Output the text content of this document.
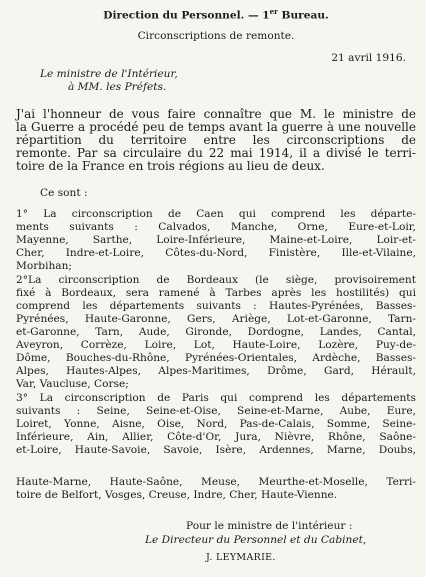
Direction du Personnel. — 1er Bureau.
Circonscriptions de remonte.
21 avril 1916.
Le ministre de l'Intérieur,
à MM. les Préfets.
J'ai l'honneur de vous faire connaître que M. le ministre de
la Guerre a procédé peu de temps avant la guerre à une nouvelle
répartition du territoire entre les circonscriptions de
remonte. Par sa circulaire du 22 mai 1914, il a divisé le terri-
toire de la France en trois régions au lieu de deux.
Ce sont :
1° La circonscription de Caen qui comprend les départe-
ments suivants : Calvados, Manche, Orne, Eure-et-Loir,
Mayenne, Sarthe, Loire-Inférieure, Maine-et-Loire, Loir-et-
Cher, Indre-et-Loire, Côtes-du-Nord, Finistère, Ille-et-Vilaine,
Morbihan;
2°La circonscription de Bordeaux (le siège, provisoirement
fixé à Bordeaux, sera ramené à Tarbes après les hostilités) qui
comprend les départements suivants : Hautes-Pyrénées, Basses-
Pyrénées, Haute-Garonne, Gers, Ariège, Lot-et-Garonne, Tarn-
et-Garonne, Tarn, Aude, Gironde, Dordogne, Landes, Cantal,
Aveyron, Corrèze, Loire, Lot, Haute-Loire, Lozère, Puy-de-
Dôme, Bouches-du-Rhône, Pyrénées-Orientales, Ardèche, Basses-
Alpes, Hautes-Alpes, Alpes-Maritimes, Drôme, Gard, Hérault,
Var, Vaucluse, Corse;
3° La circonscription de Paris qui comprend les départements
suivants : Seine, Seine-et-Oise, Seine-et-Marne, Aube, Eure,
Loiret, Yonne, Aisne, Oise, Nord, Pas-de-Calais, Somme, Seine-
Inférieure, Ain, Allier, Côte-d'Or, Jura, Nièvre, Rhône, Saône-
et-Loire, Haute-Savoie, Savoie, Isère, Ardennes, Marne, Doubs,
Haute-Marne, Haute-Saône, Meuse, Meurthe-et-Moselle, Terri-
toire de Belfort, Vosges, Creuse, Indre, Cher, Haute-Vienne.
Pour le ministre de l'intérieur :
Le Directeur du Personnel et du Cabinet,
J. LEYMARIE.
